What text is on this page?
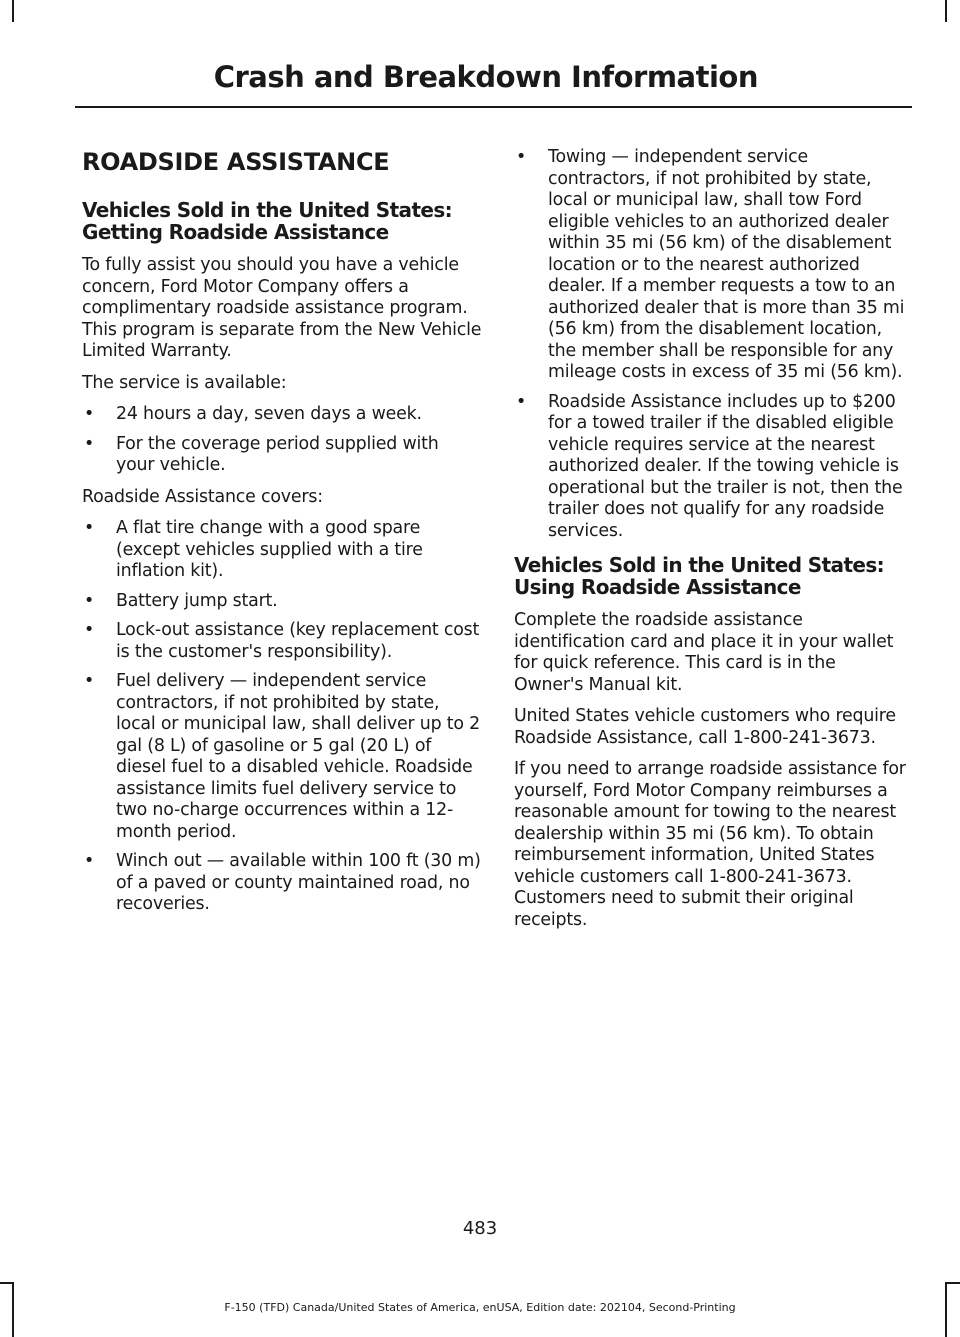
Crash and Breakdown Information
ROADSIDE ASSISTANCE
Vehicles Sold in the United States: Getting Roadside Assistance

To fully assist you should you have a vehicle concern, Ford Motor Company offers a complimentary roadside assistance program. This program is separate from the New Vehicle Limited Warranty.

The service is available:

• 24 hours a day, seven days a week.
• For the coverage period supplied with your vehicle.

Roadside Assistance covers:

• A flat tire change with a good spare (except vehicles supplied with a tire inflation kit).
• Battery jump start.
• Lock-out assistance (key replacement cost is the customer's responsibility).
• Fuel delivery — independent service contractors, if not prohibited by state, local or municipal law, shall deliver up to 2 gal (8 L) of gasoline or 5 gal (20 L) of diesel fuel to a disabled vehicle. Roadside assistance limits fuel delivery service to two no-charge occurrences within a 12-month period.
• Winch out — available within 100 ft (30 m) of a paved or county maintained road, no recoveries.
• Towing — independent service contractors, if not prohibited by state, local or municipal law, shall tow Ford eligible vehicles to an authorized dealer within 35 mi (56 km) of the disablement location or to the nearest authorized dealer. If a member requests a tow to an authorized dealer that is more than 35 mi (56 km) from the disablement location, the member shall be responsible for any mileage costs in excess of 35 mi (56 km).
• Roadside Assistance includes up to $200 for a towed trailer if the disabled eligible vehicle requires service at the nearest authorized dealer. If the towing vehicle is operational but the trailer is not, then the trailer does not qualify for any roadside services.
Vehicles Sold in the United States: Using Roadside Assistance

Complete the roadside assistance identification card and place it in your wallet for quick reference. This card is in the Owner's Manual kit.

United States vehicle customers who require Roadside Assistance, call 1-800-241-3673.

If you need to arrange roadside assistance for yourself, Ford Motor Company reimburses a reasonable amount for towing to the nearest dealership within 35 mi (56 km). To obtain reimbursement information, United States vehicle customers call 1-800-241-3673. Customers need to submit their original receipts.

483
F-150 (TFD) Canada/United States of America, enUSA, Edition date: 202104, Second-Printing
